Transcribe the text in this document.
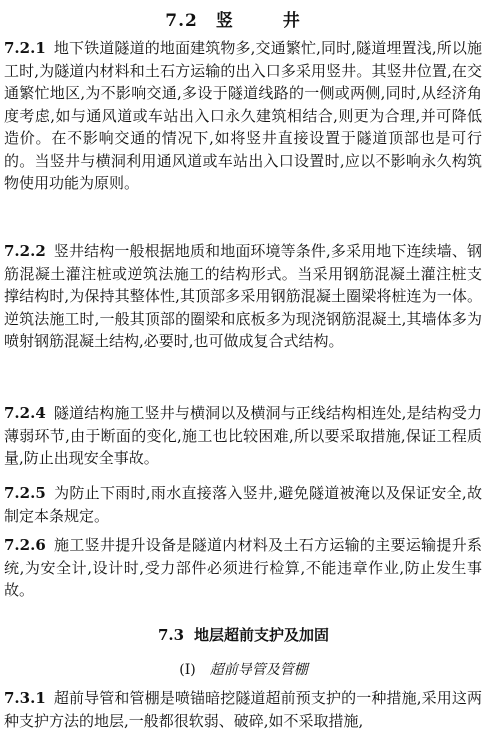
7.2 竖 井

7.2.1 地下铁道隧道的地面建筑物多,交通繁忙,同时,隧道埋置浅,所以施工时,为隧道内材料和土石方运输的出入口多采用竖井。其竖井位置,在交通繁忙地区,为不影响交通,多设于隧道线路的一侧或两侧,同时,从经济角度考虑,如与通风道或车站出入口永久建筑相结合,则更为合理,并可降低造价。在不影响交通的情况下,如将竖井直接设置于隧道顶部也是可行的。当竖井与横洞利用通风道或车站出入口设置时,应以不影响永久构筑物使用功能为原则。

7.2.2 竖井结构一般根据地质和地面环境等条件,多采用地下连续墙、钢筋混凝土灌注桩或逆筑法施工的结构形式。当采用钢筋混凝土灌注桩支撑结构时,为保持其整体性,其顶部多采用钢筋混凝土圈梁将桩连为一体。逆筑法施工时,一般其顶部的圈梁和底板多为现浇钢筋混凝土,其墙体多为喷射钢筋混凝土结构,必要时,也可做成复合式结构。

7.2.4 隧道结构施工竖井与横洞以及横洞与正线结构相连处,是结构受力薄弱环节,由于断面的变化,施工也比较困难,所以要采取措施,保证工程质量,防止出现安全事故。

7.2.5 为防止下雨时,雨水直接落入竖井,避免隧道被淹以及保证安全,故制定本条规定。

7.2.6 施工竖井提升设备是隧道内材料及土石方运输的主要运输提升系统,为安全计,设计时,受力部件必须进行检算,不能违章作业,防止发生事故。

7.3 地层超前支护及加固
(I) 超前导管及管棚

7.3.1 超前导管和管棚是喷锚暗挖隧道超前预支护的一种措施,采用这两种支护方法的地层,一般都很软弱、破碎,如不采取措施,
